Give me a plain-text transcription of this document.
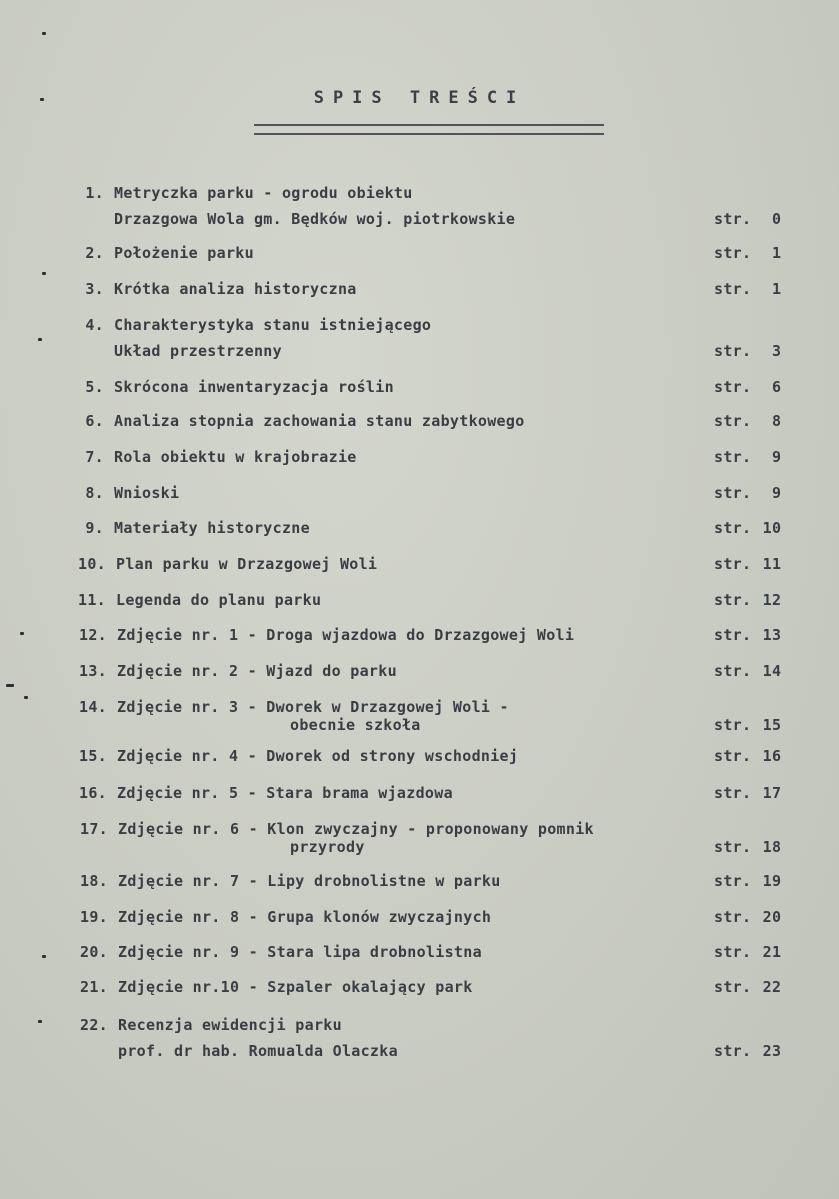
SPIS TREŚCI
1. Metryczka parku - ogrodu obiektu
Drzazgowa Wola gm. Będków woj. piotrkowskie	str. 0
2. Położenie parku	str. 1
3. Krótka analiza historyczna	str. 1
4. Charakterystyka stanu istniejącego
Układ przestrzenny	str. 3
5. Skrócona inwentaryzacja roślin	str. 6
6. Analiza stopnia zachowania stanu zabytkowego	str. 8
7. Rola obiektu w krajobrazie	str. 9
8. Wnioski	str. 9
9. Materiały historyczne	str. 10
10. Plan parku w Drzazgowej Woli	str. 11
11. Legenda do planu parku	str. 12
12. Zdjęcie nr. 1 - Droga wjazdowa do Drzazgowej Woli	str. 13
13. Zdjęcie nr. 2 - Wjazd do parku	str. 14
14. Zdjęcie nr. 3 - Dworek w Drzazgowej Woli -
obecnie szkoła	str. 15
15. Zdjęcie nr. 4 - Dworek od strony wschodniej	str. 16
16. Zdjęcie nr. 5 - Stara brama wjazdowa	str. 17
17. Zdjęcie nr. 6 - Klon zwyczajny - proponowany pomnik
przyrody	str. 18
18. Zdjęcie nr. 7 - Lipy drobnolistne w parku	str. 19
19. Zdjęcie nr. 8 - Grupa klonów zwyczajnych	str. 20
20. Zdjęcie nr. 9 - Stara lipa drobnolistna	str. 21
21. Zdjęcie nr.10 - Szpaler okalający park	str. 22
22. Recenzja ewidencji parku
prof. dr hab. Romualda Olaczka	str. 23
